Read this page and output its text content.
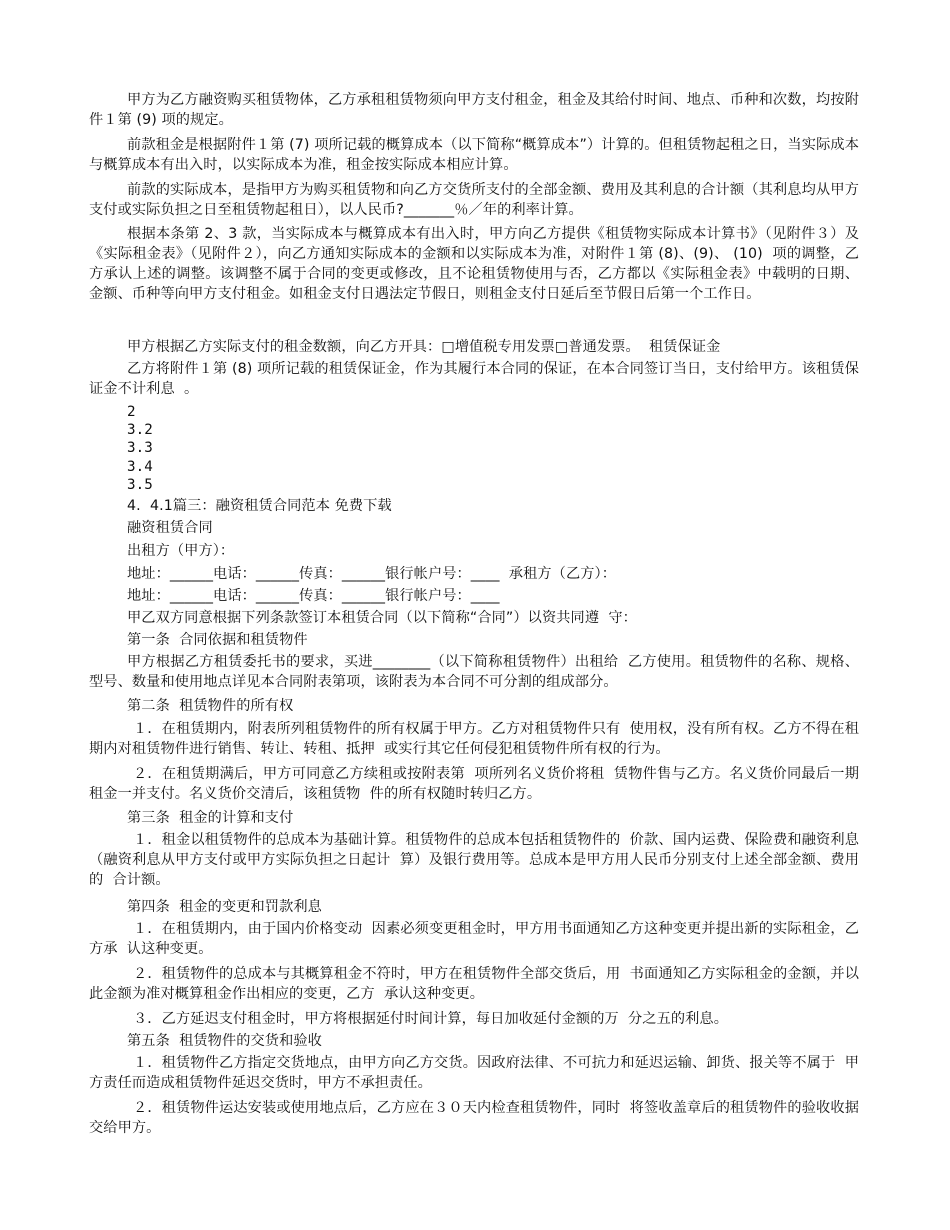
甲方为乙方融资购买租赁物体，乙方承租租赁物须向甲方支付租金，租金及其给付时间、地点、币种和次数，均按附件１第 (9) 项的规定。

前款租金是根据附件１第 (7) 项所记载的概算成本（以下简称“概算成本”）计算的。但租赁物起租之日，当实际成本与概算成本有出入时，以实际成本为准，租金按实际成本相应计算。

前款的实际成本，是指甲方为购买租赁物和向乙方交货所支付的全部金额、费用及其利息的合计额（其利息均从甲方支付或实际负担之日至租赁物起租日），以人民币?_______％／年的利率计算。

根据本条第 2、3 款，当实际成本与概算成本有出入时，甲方向乙方提供《租赁物实际成本计算书》（见附件３）及《实际租金表》（见附件２），向乙方通知实际成本的金额和以实际成本为准，对附件１第 (8)、(9)、 (10)  项的调整，乙方承认上述的调整。该调整不属于合同的变更或修改，且不论租赁物使用与否，乙方都以《实际租金表》中载明的日期、金额、币种等向甲方支付租金。如租金支付日遇法定节假日，则租金支付日延后至节假日后第一个工作日。

甲方根据乙方实际支付的租金数额，向乙方开具：□增值税专用发票□普通发票。  租赁保证金

乙方将附件１第 (8) 项所记载的租赁保证金，作为其履行本合同的保证，在本合同签订当日，支付给甲方。该租赁保证金不计利息  。

2

3.2

3.3

3.4

3.5

4.  4.1篇三：融资租赁合同范本 免费下载

融资租赁合同

出租方（甲方）：

地址：______电话：______传真：______银行帐户号：____  承租方（乙方）：

地址：______电话：______传真：______银行帐户号：____

甲乙双方同意根据下列条款签订本租赁合同（以下简称“合同”）以资共同遵  守：

第一条  合同依据和租赁物件

甲方根据乙方租赁委托书的要求，买进________（以下简称租赁物件）出租给  乙方使用。租赁物件的名称、规格、型号、数量和使用地点详见本合同附表第项，该附表为本合同不可分割的组成部分。

第二条  租赁物件的所有权

１．在租赁期内，附表所列租赁物件的所有权属于甲方。乙方对租赁物件只有  使用权，没有所有权。乙方不得在租期内对租赁物件进行销售、转让、转租、抵押  或实行其它任何侵犯租赁物件所有权的行为。

２．在租赁期满后，甲方可同意乙方续租或按附表第  项所列名义货价将租  赁物件售与乙方。名义货价同最后一期租金一并支付。名义货价交清后，该租赁物  件的所有权随时转归乙方。

第三条  租金的计算和支付

１．租金以租赁物件的总成本为基础计算。租赁物件的总成本包括租赁物件的  价款、国内运费、保险费和融资利息（融资利息从甲方支付或甲方实际负担之日起计  算）及银行费用等。总成本是甲方用人民币分别支付上述全部金额、费用的  合计额。

第四条  租金的变更和罚款利息

１．在租赁期内，由于国内价格变动  因素必须变更租金时，甲方用书面通知乙方这种变更并提出新的实际租金，乙方承  认这种变更。

２．租赁物件的总成本与其概算租金不符时，甲方在租赁物件全部交货后，用  书面通知乙方实际租金的金额，并以此金额为准对概算租金作出相应的变更，乙方  承认这种变更。

３．乙方延迟支付租金时，甲方将根据延付时间计算，每日加收延付金额的万  分之五的利息。

第五条  租赁物件的交货和验收

１．租赁物件乙方指定交货地点，由甲方向乙方交货。因政府法律、不可抗力和延迟运输、卸货、报关等不属于  甲方责任而造成租赁物件延迟交货时，甲方不承担责任。

２．租赁物件运达安装或使用地点后，乙方应在３０天内检查租赁物件，同时  将签收盖章后的租赁物件的验收收据交给甲方。
